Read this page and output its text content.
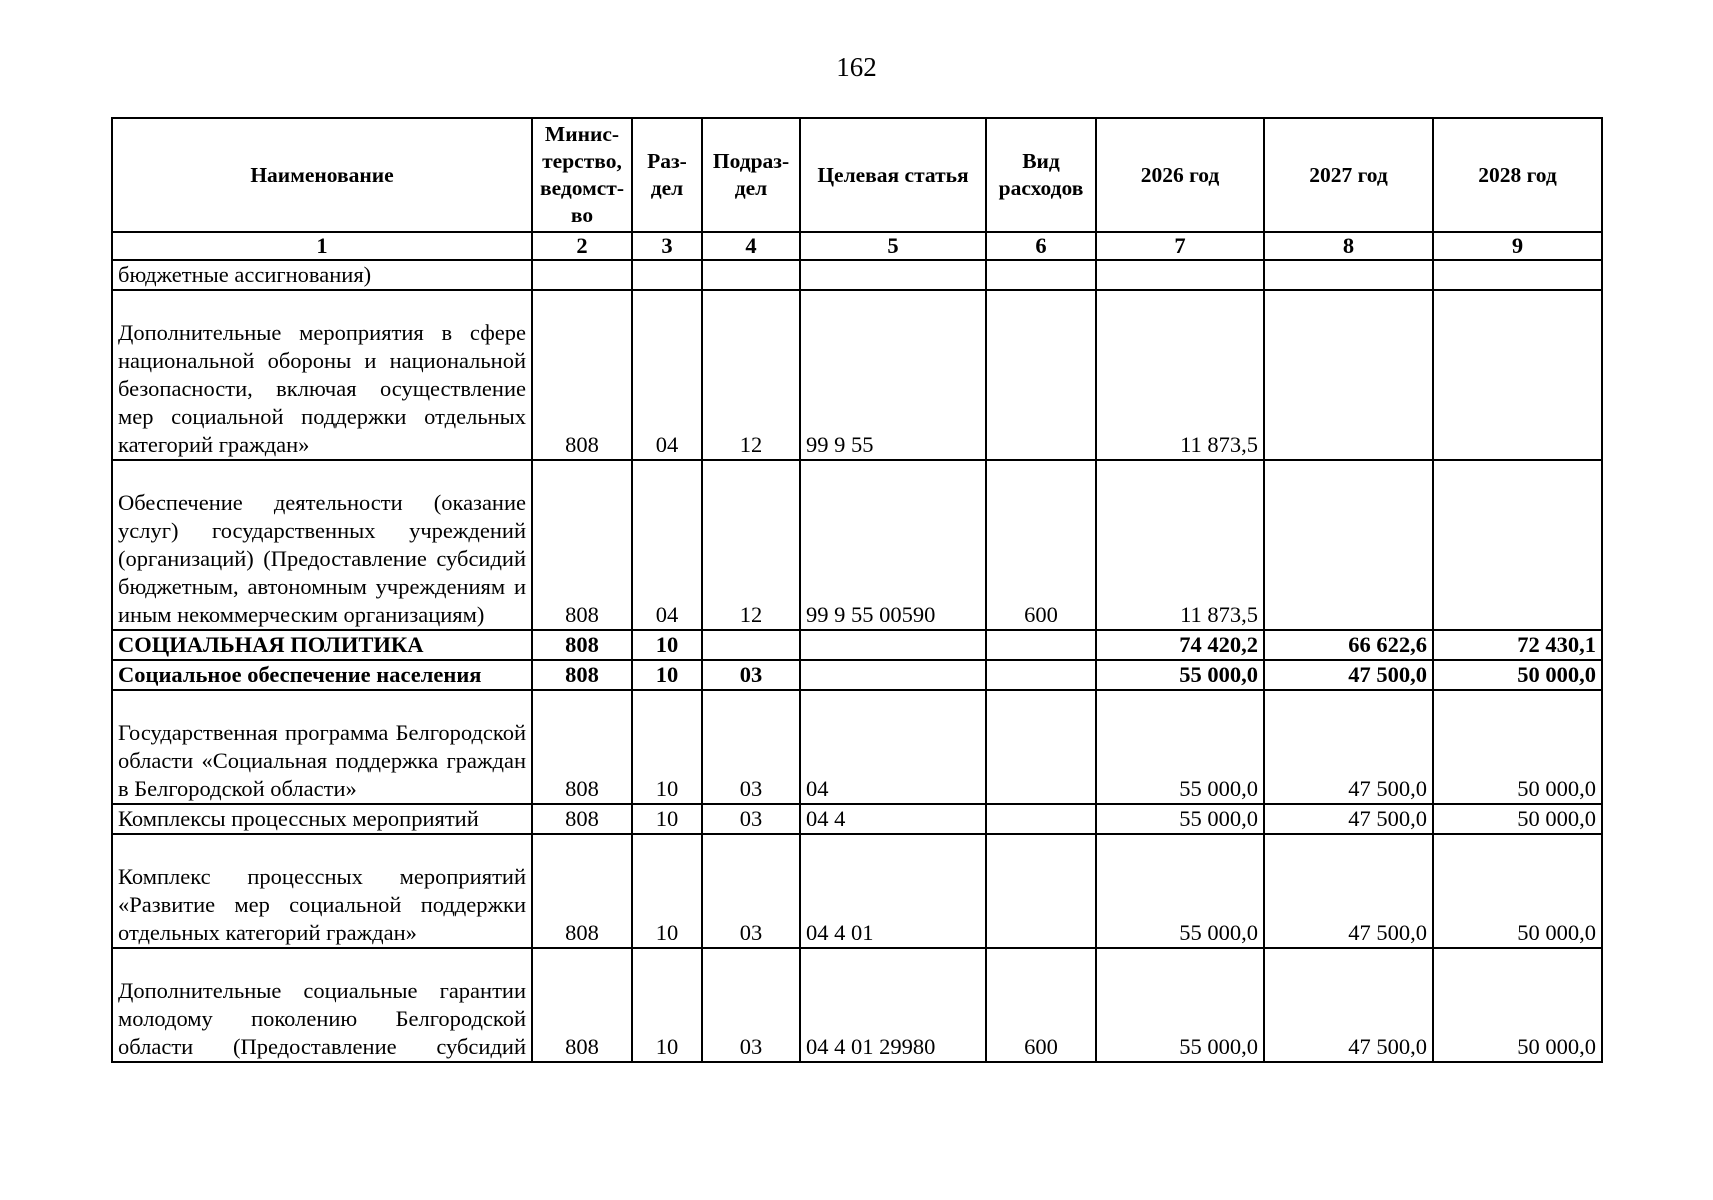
162
Наименование	Минис-терство, ведомст-во	Раз-дел	Подраз-дел	Целевая статья	Вид расходов	2026 год	2027 год	2028 год
1	2	3	4	5	6	7	8	9
бюджетные ассигнования)								
Дополнительные мероприятия в сфере национальной обороны и национальной безопасности, включая осуществление мер социальной поддержки отдельных категорий граждан»	808	04	12	99 9 55		11 873,5		
Обеспечение деятельности (оказание услуг) государственных учреждений (организаций) (Предоставление субсидий бюджетным, автономным учреждениям и иным некоммерческим организациям)	808	04	12	99 9 55 00590	600	11 873,5		
СОЦИАЛЬНАЯ ПОЛИТИКА	808	10				74 420,2	66 622,6	72 430,1
Социальное обеспечение населения	808	10	03			55 000,0	47 500,0	50 000,0
Государственная программа Белгородской области «Социальная поддержка граждан в Белгородской области»	808	10	03	04		55 000,0	47 500,0	50 000,0
Комплексы процессных мероприятий	808	10	03	04 4		55 000,0	47 500,0	50 000,0
Комплекс процессных мероприятий «Развитие мер социальной поддержки отдельных категорий граждан»	808	10	03	04 4 01		55 000,0	47 500,0	50 000,0
Дополнительные социальные гарантии молодому поколению Белгородской области (Предоставление субсидий	808	10	03	04 4 01 29980	600	55 000,0	47 500,0	50 000,0
